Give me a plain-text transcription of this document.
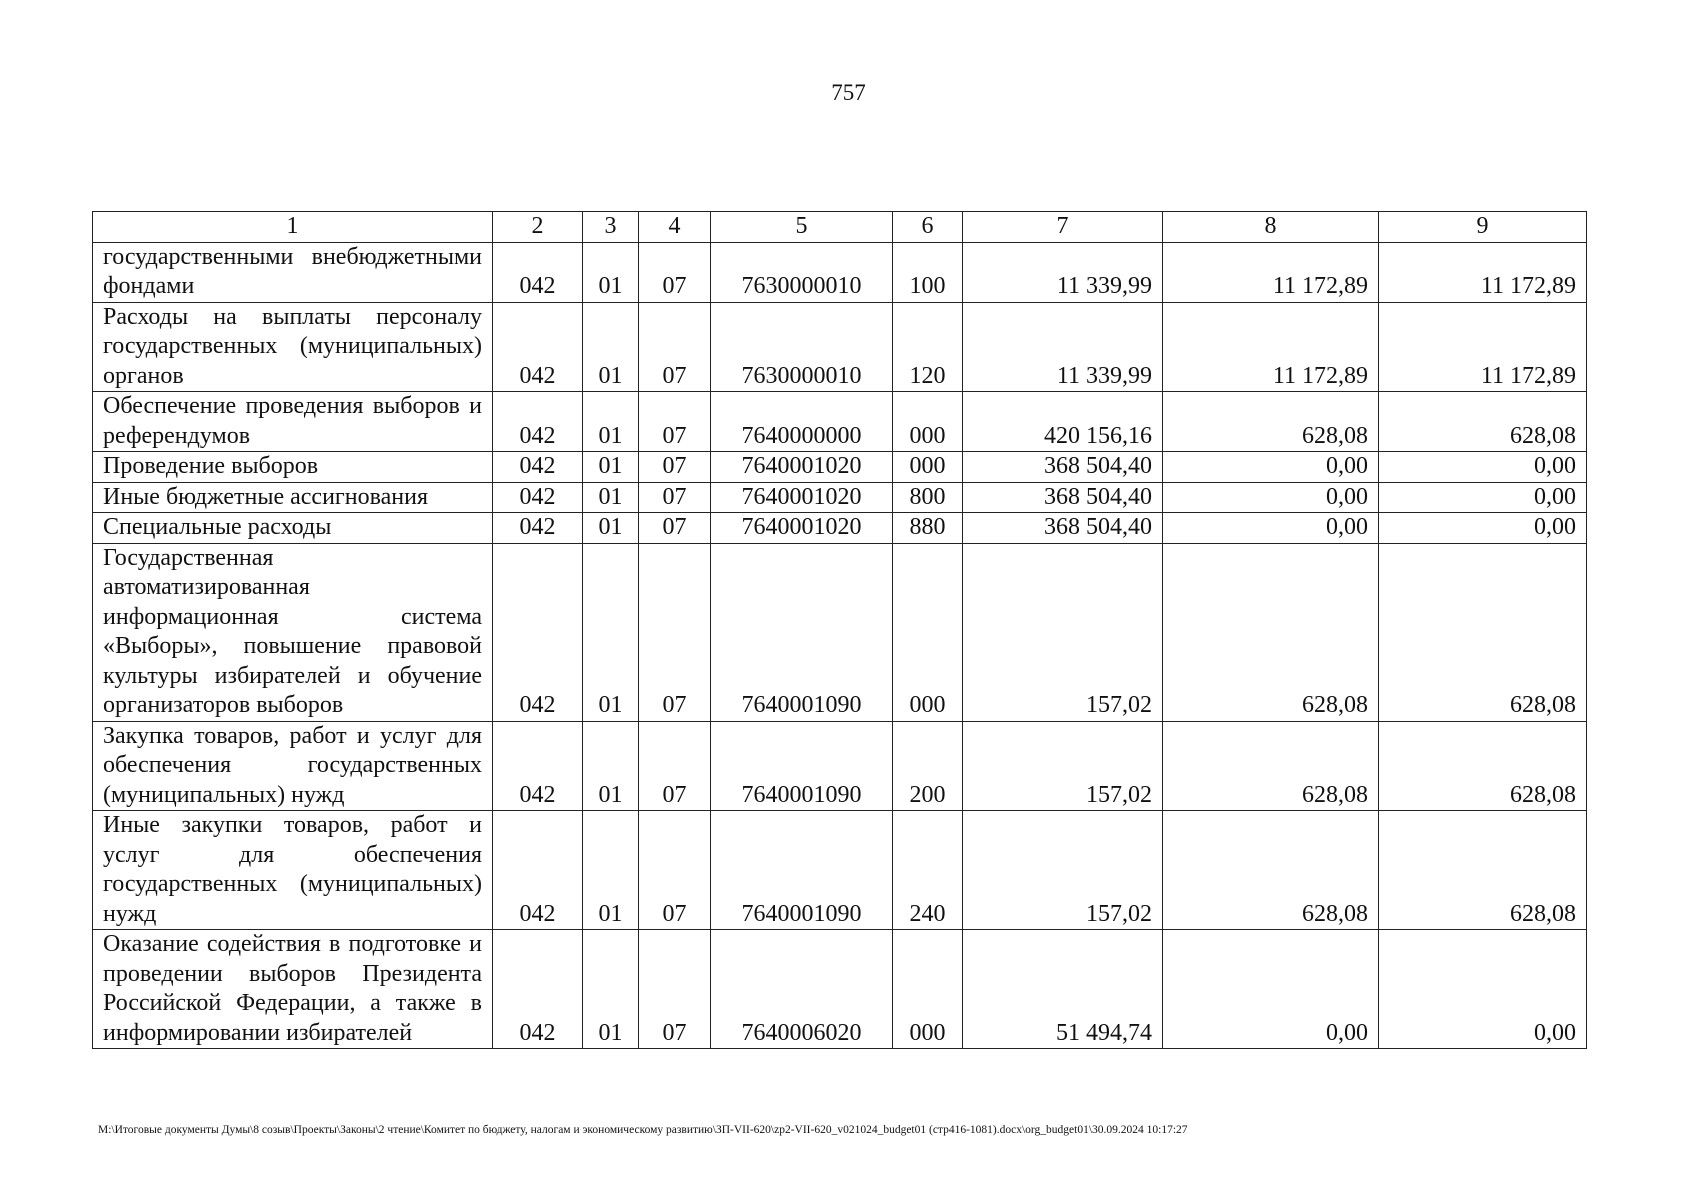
757
1	2	3	4	5	6	7	8	9
государственными внебюджетными фондами	042	01	07	7630000010	100	11 339,99	11 172,89	11 172,89
Расходы на выплаты персоналу государственных (муниципальных) органов	042	01	07	7630000010	120	11 339,99	11 172,89	11 172,89
Обеспечение проведения выборов и референдумов	042	01	07	7640000000	000	420 156,16	628,08	628,08
Проведение выборов	042	01	07	7640001020	000	368 504,40	0,00	0,00
Иные бюджетные ассигнования	042	01	07	7640001020	800	368 504,40	0,00	0,00
Специальные расходы	042	01	07	7640001020	880	368 504,40	0,00	0,00
Государственная автоматизированная информационная система «Выборы», повышение правовой культуры избирателей и обучение организаторов выборов	042	01	07	7640001090	000	157,02	628,08	628,08
Закупка товаров, работ и услуг для обеспечения государственных (муниципальных) нужд	042	01	07	7640001090	200	157,02	628,08	628,08
Иные закупки товаров, работ и услуг для обеспечения государственных (муниципальных) нужд	042	01	07	7640001090	240	157,02	628,08	628,08
Оказание содействия в подготовке и проведении выборов Президента Российской Федерации, а также в информировании избирателей	042	01	07	7640006020	000	51 494,74	0,00	0,00
M:\Итоговые документы Думы\8 созыв\Проекты\Законы\2 чтение\Комитет по бюджету, налогам и экономическому развитию\ЗП-VII-620\zp2-VII-620_v021024_budget01 (стр416-1081).docx\org_budget01\30.09.2024 10:17:27
